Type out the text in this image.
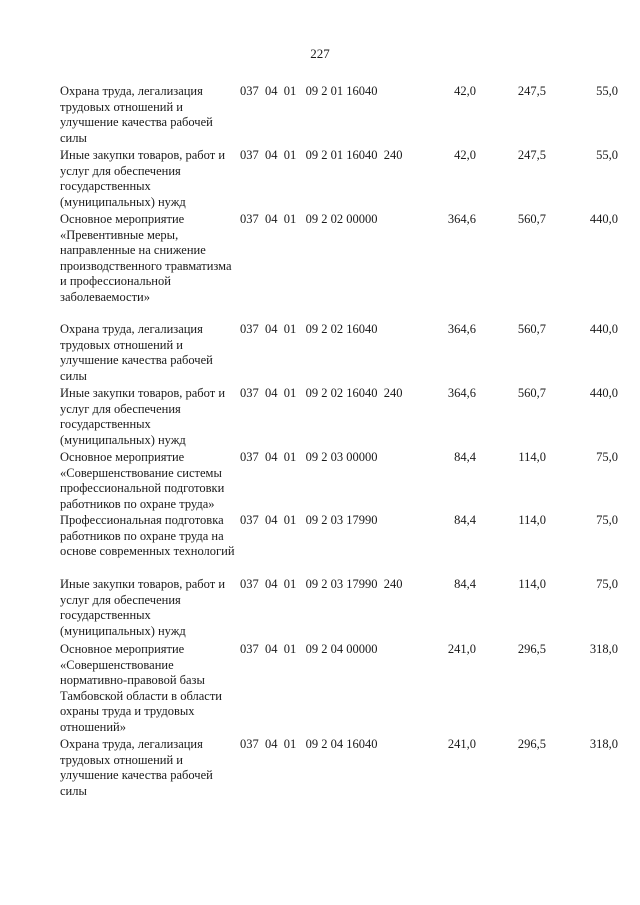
227
Охрана труда, легализация трудовых отношений и улучшение качества рабочей силы
037  04  01   09 2 01 16040	42,0	247,5	55,0
Иные закупки товаров, работ и услуг для обеспечения государственных (муниципальных) нужд
037  04  01   09 2 01 16040  240	42,0	247,5	55,0
Основное мероприятие «Превентивные меры, направленные на снижение производственного травматизма и профессиональной заболеваемости»
037  04  01   09 2 02 00000	364,6	560,7	440,0
Охрана труда, легализация трудовых отношений и улучшение качества рабочей силы
037  04  01   09 2 02 16040	364,6	560,7	440,0
Иные закупки товаров, работ и услуг для обеспечения государственных (муниципальных) нужд
037  04  01   09 2 02 16040  240	364,6	560,7	440,0
Основное мероприятие «Совершенствование системы профессиональной подготовки работников по охране труда»
037  04  01   09 2 03 00000	84,4	114,0	75,0
Профессиональная подготовка работников по охране труда на основе современных технологий
037  04  01   09 2 03 17990	84,4	114,0	75,0
Иные закупки товаров, работ и услуг для обеспечения государственных (муниципальных) нужд
037  04  01   09 2 03 17990  240	84,4	114,0	75,0
Основное мероприятие «Совершенствование нормативно-правовой базы Тамбовской области в области охраны труда и трудовых отношений»
037  04  01   09 2 04 00000	241,0	296,5	318,0
Охрана труда, легализация трудовых отношений и улучшение качества рабочей силы
037  04  01   09 2 04 16040	241,0	296,5	318,0
